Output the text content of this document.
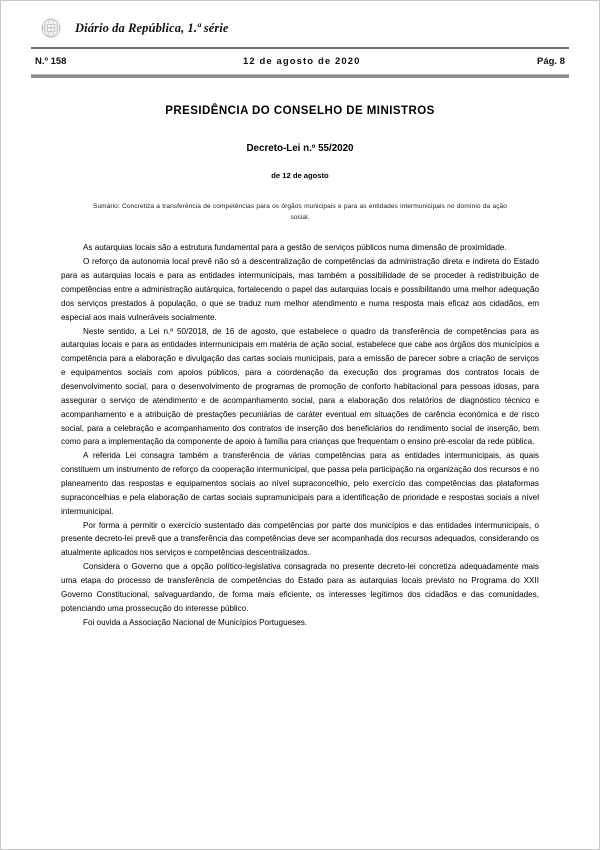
Diário da República, 1.ª série
N.º 158	12 de agosto de 2020	Pág. 8
PRESIDÊNCIA DO CONSELHO DE MINISTROS
Decreto-Lei n.º 55/2020
de 12 de agosto
Sumário: Concretiza a transferência de competências para os órgãos municipais e para as entidades intermunicipais no domínio da ação social.

As autarquias locais são a estrutura fundamental para a gestão de serviços públicos numa dimensão de proximidade.

O reforço da autonomia local prevê não só a descentralização de competências da administração direta e indireta do Estado para as autarquias locais e para as entidades intermunicipais, mas também a possibilidade de se proceder à redistribuição de competências entre a administração autárquica, fortalecendo o papel das autarquias locais e possibilitando uma melhor adequação dos serviços prestados à população, o que se traduz num melhor atendimento e numa resposta mais eficaz aos cidadãos, em especial aos mais vulneráveis socialmente.

Neste sentido, a Lei n.º 50/2018, de 16 de agosto, que estabelece o quadro da transferência de competências para as autarquias locais e para as entidades intermunicipais em matéria de ação social, estabelece que cabe aos órgãos dos municípios a competência para a elaboração e divulgação das cartas sociais municipais, para a emissão de parecer sobre a criação de serviços e equipamentos sociais com apoios públicos, para a coordenação da execução dos programas dos contratos locais de desenvolvimento social, para o desenvolvimento de programas de promoção de conforto habitacional para pessoas idosas, para assegurar o serviço de atendimento e de acompanhamento social, para a elaboração dos relatórios de diagnóstico técnico e acompanhamento e a atribuição de prestações pecuniárias de caráter eventual em situações de carência económica e de risco social, para a celebração e acompanhamento dos contratos de inserção dos beneficiários do rendimento social de inserção, bem como para a implementação da componente de apoio à família para crianças que frequentam o ensino pré-escolar da rede pública.

A referida Lei consagra também a transferência de várias competências para as entidades intermunicipais, as quais constituem um instrumento de reforço da cooperação intermunicipal, que passa pela participação na organização dos recursos e no planeamento das respostas e equipamentos sociais ao nível supraconcelhio, pelo exercício das competências das plataformas supraconcelhias e pela elaboração de cartas sociais supramunicipais para a identificação de prioridade e respostas sociais a nível intermunicipal.

Por forma a permitir o exercício sustentado das competências por parte dos municípios e das entidades intermunicipais, o presente decreto-lei prevê que a transferência das competências deve ser acompanhada dos recursos adequados, considerando os atualmente aplicados nos serviços e competências descentralizados.

Considera o Governo que a opção político-legislativa consagrada no presente decreto-lei concretiza adequadamente mais uma etapa do processo de transferência de competências do Estado para as autarquias locais previsto no Programa do XXII Governo Constitucional, salvaguardando, de forma mais eficiente, os interesses legítimos dos cidadãos e das comunidades, potenciando uma prossecução do interesse público.

Foi ouvida a Associação Nacional de Municípios Portugueses.
